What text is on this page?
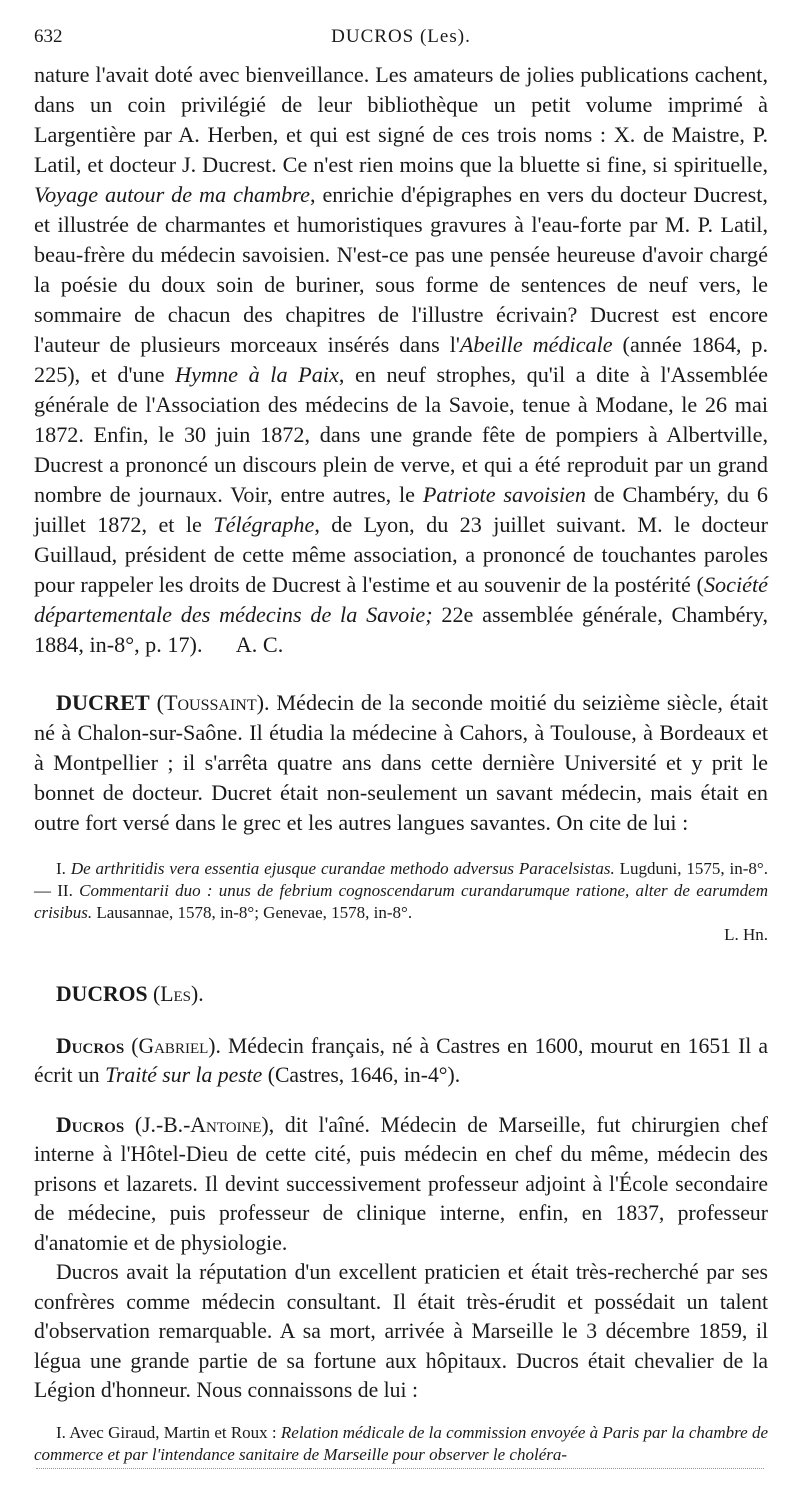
632	DUCROS (Les).

nature l'avait doté avec bienveillance. Les amateurs de jolies publications cachent, dans un coin privilégié de leur bibliothèque un petit volume imprimé à Largentière par A. Herben, et qui est signé de ces trois noms : X. de Maistre, P. Latil, et docteur J. Ducrest. Ce n'est rien moins que la bluette si fine, si spirituelle, Voyage autour de ma chambre, enrichie d'épigraphes en vers du docteur Ducrest, et illustrée de charmantes et humoristiques gravures à l'eau-forte par M. P. Latil, beau-frère du médecin savoisien. N'est-ce pas une pensée heureuse d'avoir chargé la poésie du doux soin de buriner, sous forme de sentences de neuf vers, le sommaire de chacun des chapitres de l'illustre écrivain? Ducrest est encore l'auteur de plusieurs morceaux insérés dans l'Abeille médicale (année 1864, p. 225), et d'une Hymne à la Paix, en neuf strophes, qu'il a dite à l'Assemblée générale de l'Association des médecins de la Savoie, tenue à Modane, le 26 mai 1872. Enfin, le 30 juin 1872, dans une grande fête de pompiers à Albertville, Ducrest a prononcé un discours plein de verve, et qui a été reproduit par un grand nombre de journaux. Voir, entre autres, le Patriote savoisien de Chambéry, du 6 juillet 1872, et le Télégraphe, de Lyon, du 23 juillet suivant. M. le docteur Guillaud, président de cette même association, a prononcé de touchantes paroles pour rappeler les droits de Ducrest à l'estime et au souvenir de la postérité (Société départementale des médecins de la Savoie; 22e assemblée générale, Chambéry, 1884, in-8°, p. 17). A. C.

DUCRET (Toussaint). Médecin de la seconde moitié du seizième siècle, était né à Chalon-sur-Saône. Il étudia la médecine à Cahors, à Toulouse, à Bordeaux et à Montpellier ; il s'arrêta quatre ans dans cette dernière Université et y prit le bonnet de docteur. Ducret était non-seulement un savant médecin, mais était en outre fort versé dans le grec et les autres langues savantes. On cite de lui :

I. De arthritidis vera essentia ejusque curandae methodo adversus Paracelsistas. Lugduni, 1575, in-8°. — II. Commentarii duo : unus de febrium cognoscendarum curandarumque ratione, alter de earumdem crisibus. Lausannae, 1578, in-8°; Genevae, 1578, in-8°.

L. Hn.

DUCROS (Les).

Ducros (Gabriel). Médecin français, né à Castres en 1600, mourut en 1651 Il a écrit un Traité sur la peste (Castres, 1646, in-4°).

Ducros (J.-B.-Antoine), dit l'aîné. Médecin de Marseille, fut chirurgien chef interne à l'Hôtel-Dieu de cette cité, puis médecin en chef du même, médecin des prisons et lazarets. Il devint successivement professeur adjoint à l'École secondaire de médecine, puis professeur de clinique interne, enfin, en 1837, professeur d'anatomie et de physiologie.

Ducros avait la réputation d'un excellent praticien et était très-recherché par ses confrères comme médecin consultant. Il était très-érudit et possédait un talent d'observation remarquable. A sa mort, arrivée à Marseille le 3 décembre 1859, il légua une grande partie de sa fortune aux hôpitaux. Ducros était chevalier de la Légion d'honneur. Nous connaissons de lui :

I. Avec Giraud, Martin et Roux : Relation médicale de la commission envoyée à Paris par la chambre de commerce et par l'intendance sanitaire de Marseille pour observer le choléra-
